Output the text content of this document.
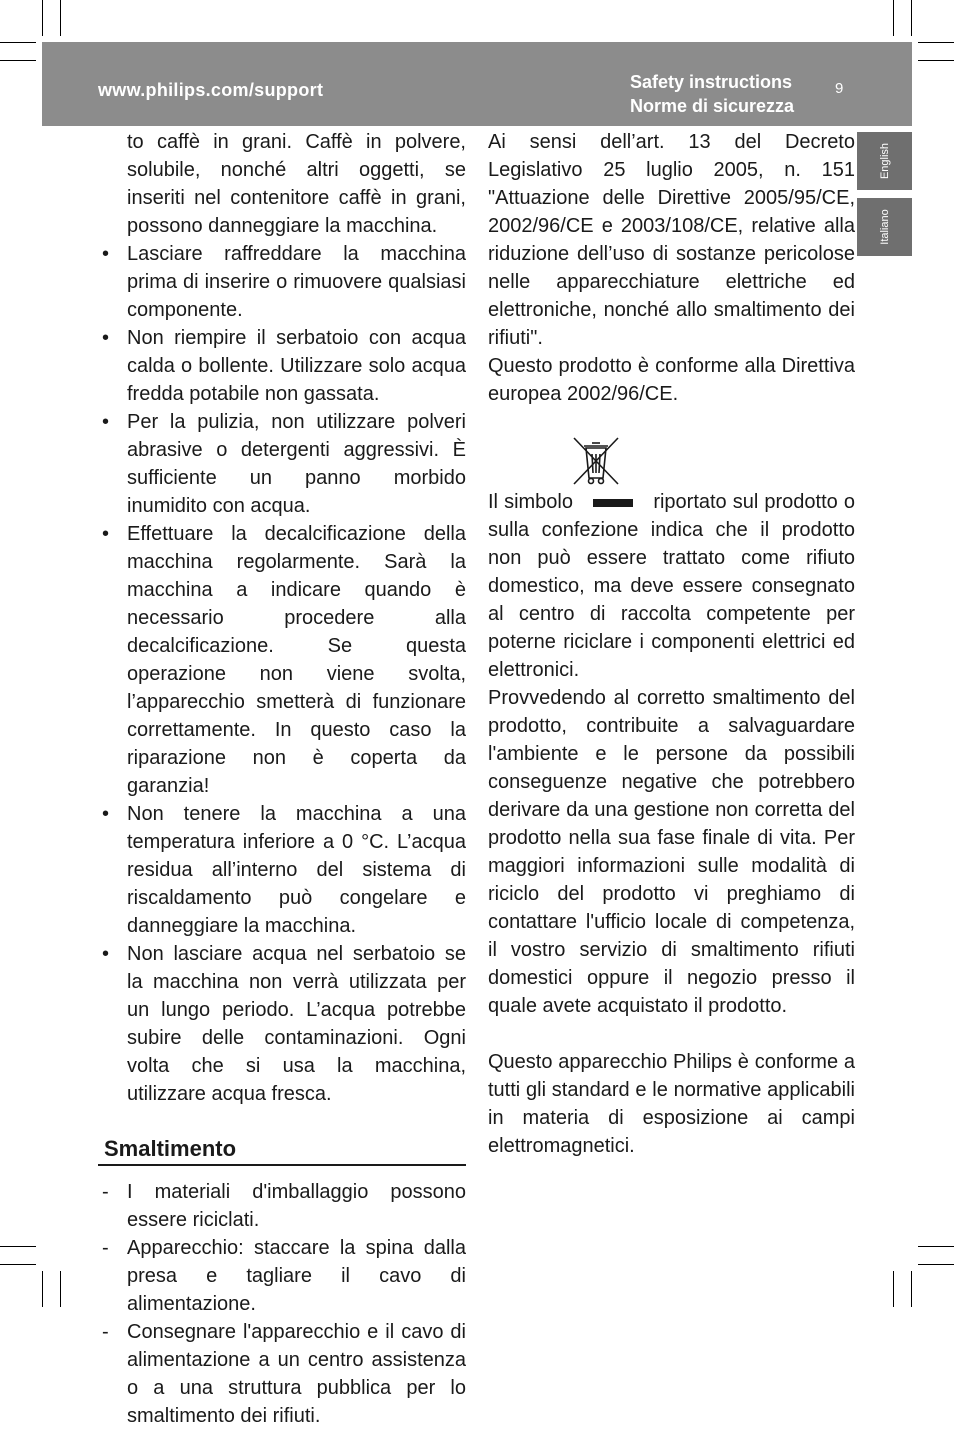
www.philips.com/support	Safety instructions
Norme di sicurezza
9
English
Italiano

to caffè in grani. Caffè in polvere, solubile, nonché altri oggetti, se inseriti nel contenitore caffè in grani, possono danneggiare la macchina.

• Lasciare raffreddare la macchina prima di inserire o rimuovere qualsiasi componente.
• Non riempire il serbatoio con acqua calda o bollente. Utilizzare solo acqua fredda potabile non gassata.
• Per la pulizia, non utilizzare polveri abrasive o detergenti aggressivi. È sufficiente un panno morbido inumidito con acqua.
• Effettuare la decalcificazione della macchina regolarmente. Sarà la macchina a indicare quando è necessario procedere alla decalcificazione. Se questa operazione non viene svolta, l’apparecchio smetterà di funzionare correttamente. In questo caso la riparazione non è coperta da garanzia!
• Non tenere la macchina a una temperatura inferiore a 0 °C. L’acqua residua all’interno del sistema di riscaldamento può congelare e danneggiare la macchina.
• Non lasciare acqua nel serbatoio se la macchina non verrà utilizzata per un lungo periodo. L’acqua potrebbe subire delle contaminazioni. Ogni volta che si usa la macchina, utilizzare acqua fresca.
Smaltimento
- I materiali d'imballaggio possono essere riciclati.
- Apparecchio: staccare la spina dalla presa e tagliare il cavo di alimentazione.
- Consegnare l'apparecchio e il cavo di alimentazione a un centro assistenza o a una struttura pubblica per lo smaltimento dei rifiuti.

Ai sensi dell’art. 13 del Decreto Legislativo 25 luglio 2005, n. 151 "Attuazione delle Direttive 2005/95/CE, 2002/96/CE e 2003/108/CE, relative alla riduzione dell’uso di sostanze pericolose nelle apparecchiature elettriche ed elettroniche, nonché allo smaltimento dei rifiuti".

Questo prodotto è conforme alla Direttiva europea 2002/96/CE.

Il simbolo	riportato sul prodotto o sulla confezione indica che il prodotto non può essere trattato come rifiuto domestico, ma deve essere consegnato al centro di raccolta competente per poterne riciclare i componenti elettrici ed elettronici.

Provvedendo al corretto smaltimento del prodotto, contribuite a salvaguardare l'ambiente e le persone da possibili conseguenze negative che potrebbero derivare da una gestione non corretta del prodotto nella sua fase finale di vita. Per maggiori informazioni sulle modalità di riciclo del prodotto vi preghiamo di contattare l'ufficio locale di competenza, il vostro servizio di smaltimento rifiuti domestici oppure il negozio presso il quale avete acquistato il prodotto.

Questo apparecchio Philips è conforme a tutti gli standard e le normative applicabili in materia di esposizione ai campi elettromagnetici.
